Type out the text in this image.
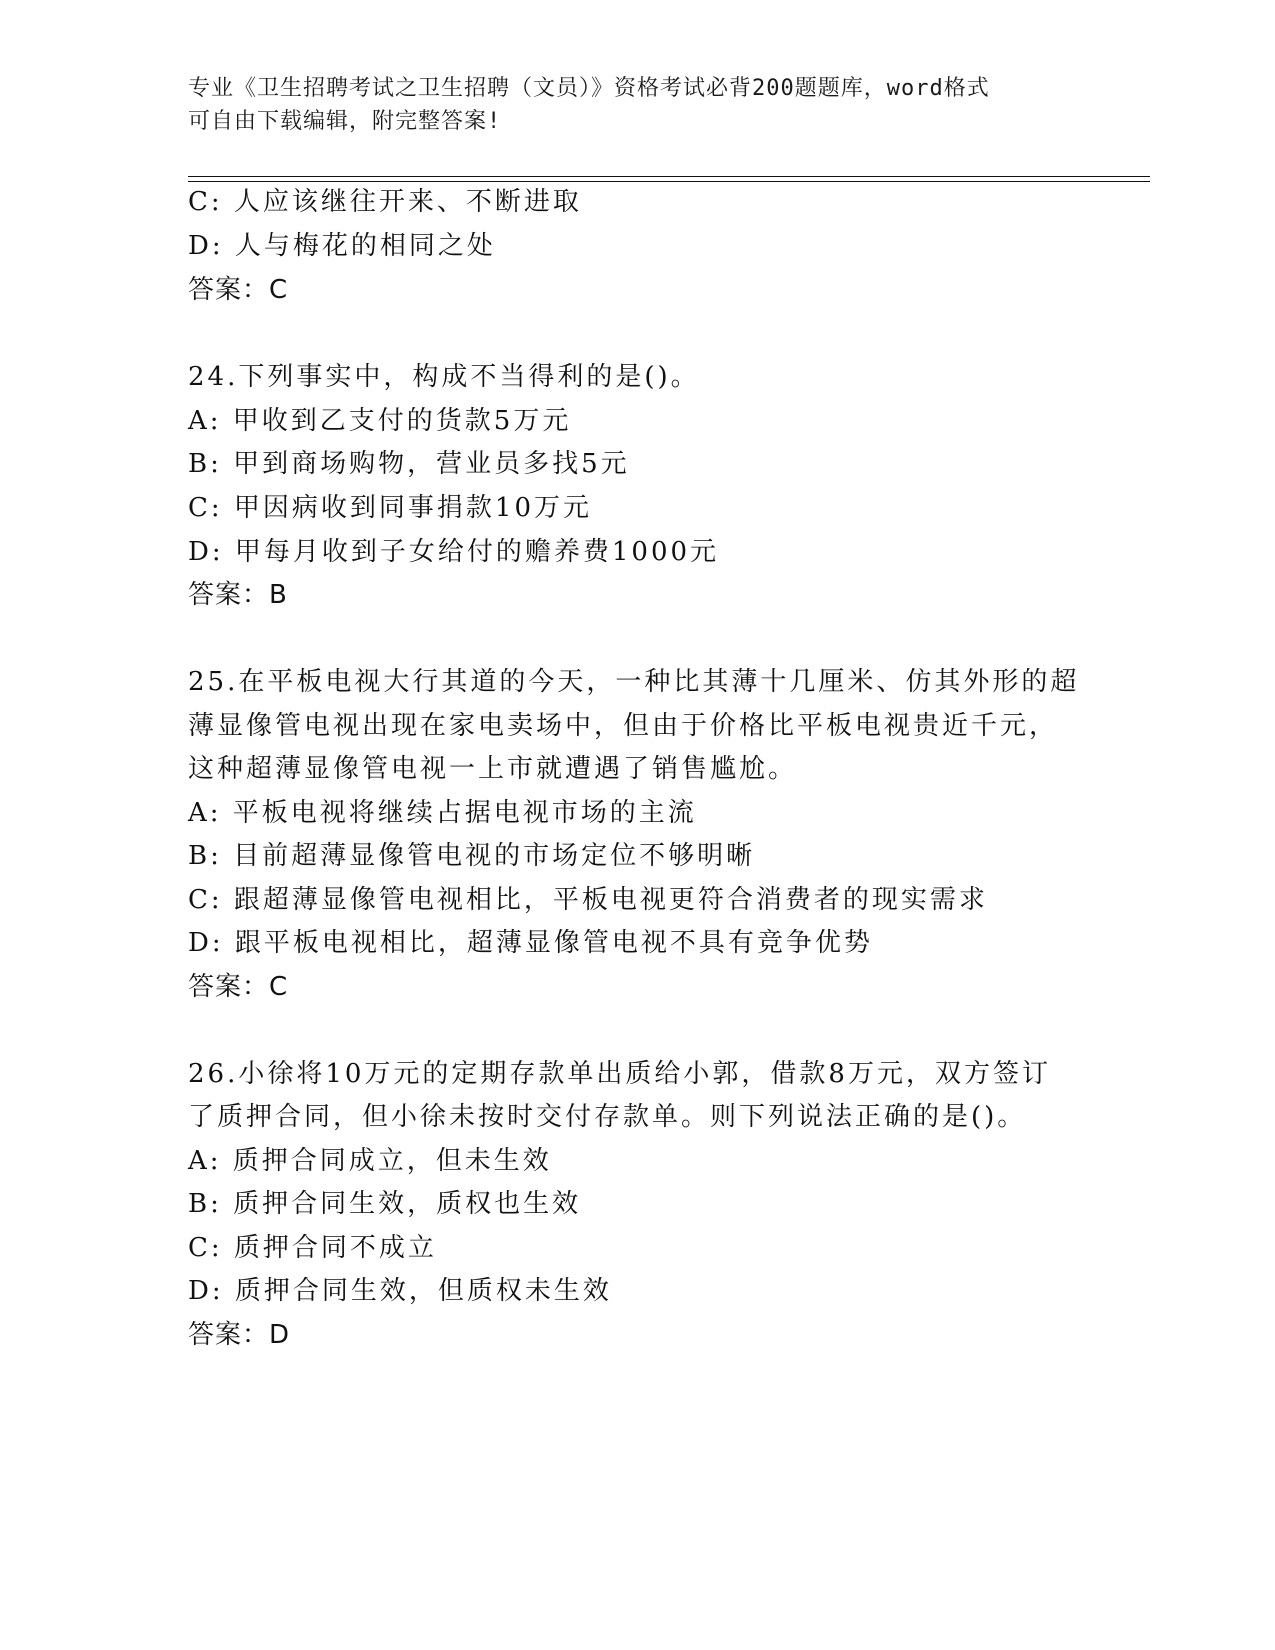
专业《卫生招聘考试之卫生招聘（文员）》资格考试必背200题题库，word格式
可自由下载编辑，附完整答案!
C: 人应该继往开来、不断进取
D: 人与梅花的相同之处
答案：C
24.下列事实中，构成不当得利的是()。
A: 甲收到乙支付的货款5万元
B: 甲到商场购物，营业员多找5元
C: 甲因病收到同事捐款10万元
D: 甲每月收到子女给付的赡养费1000元
答案：B
25.在平板电视大行其道的今天，一种比其薄十几厘米、仿其外形的超
薄显像管电视出现在家电卖场中，但由于价格比平板电视贵近千元，
这种超薄显像管电视一上市就遭遇了销售尴尬。
A: 平板电视将继续占据电视市场的主流
B: 目前超薄显像管电视的市场定位不够明晰
C: 跟超薄显像管电视相比，平板电视更符合消费者的现实需求
D: 跟平板电视相比，超薄显像管电视不具有竞争优势
答案：C
26.小徐将10万元的定期存款单出质给小郭，借款8万元，双方签订
了质押合同，但小徐未按时交付存款单。则下列说法正确的是()。
A: 质押合同成立，但未生效
B: 质押合同生效，质权也生效
C: 质押合同不成立
D: 质押合同生效，但质权未生效
答案：D
